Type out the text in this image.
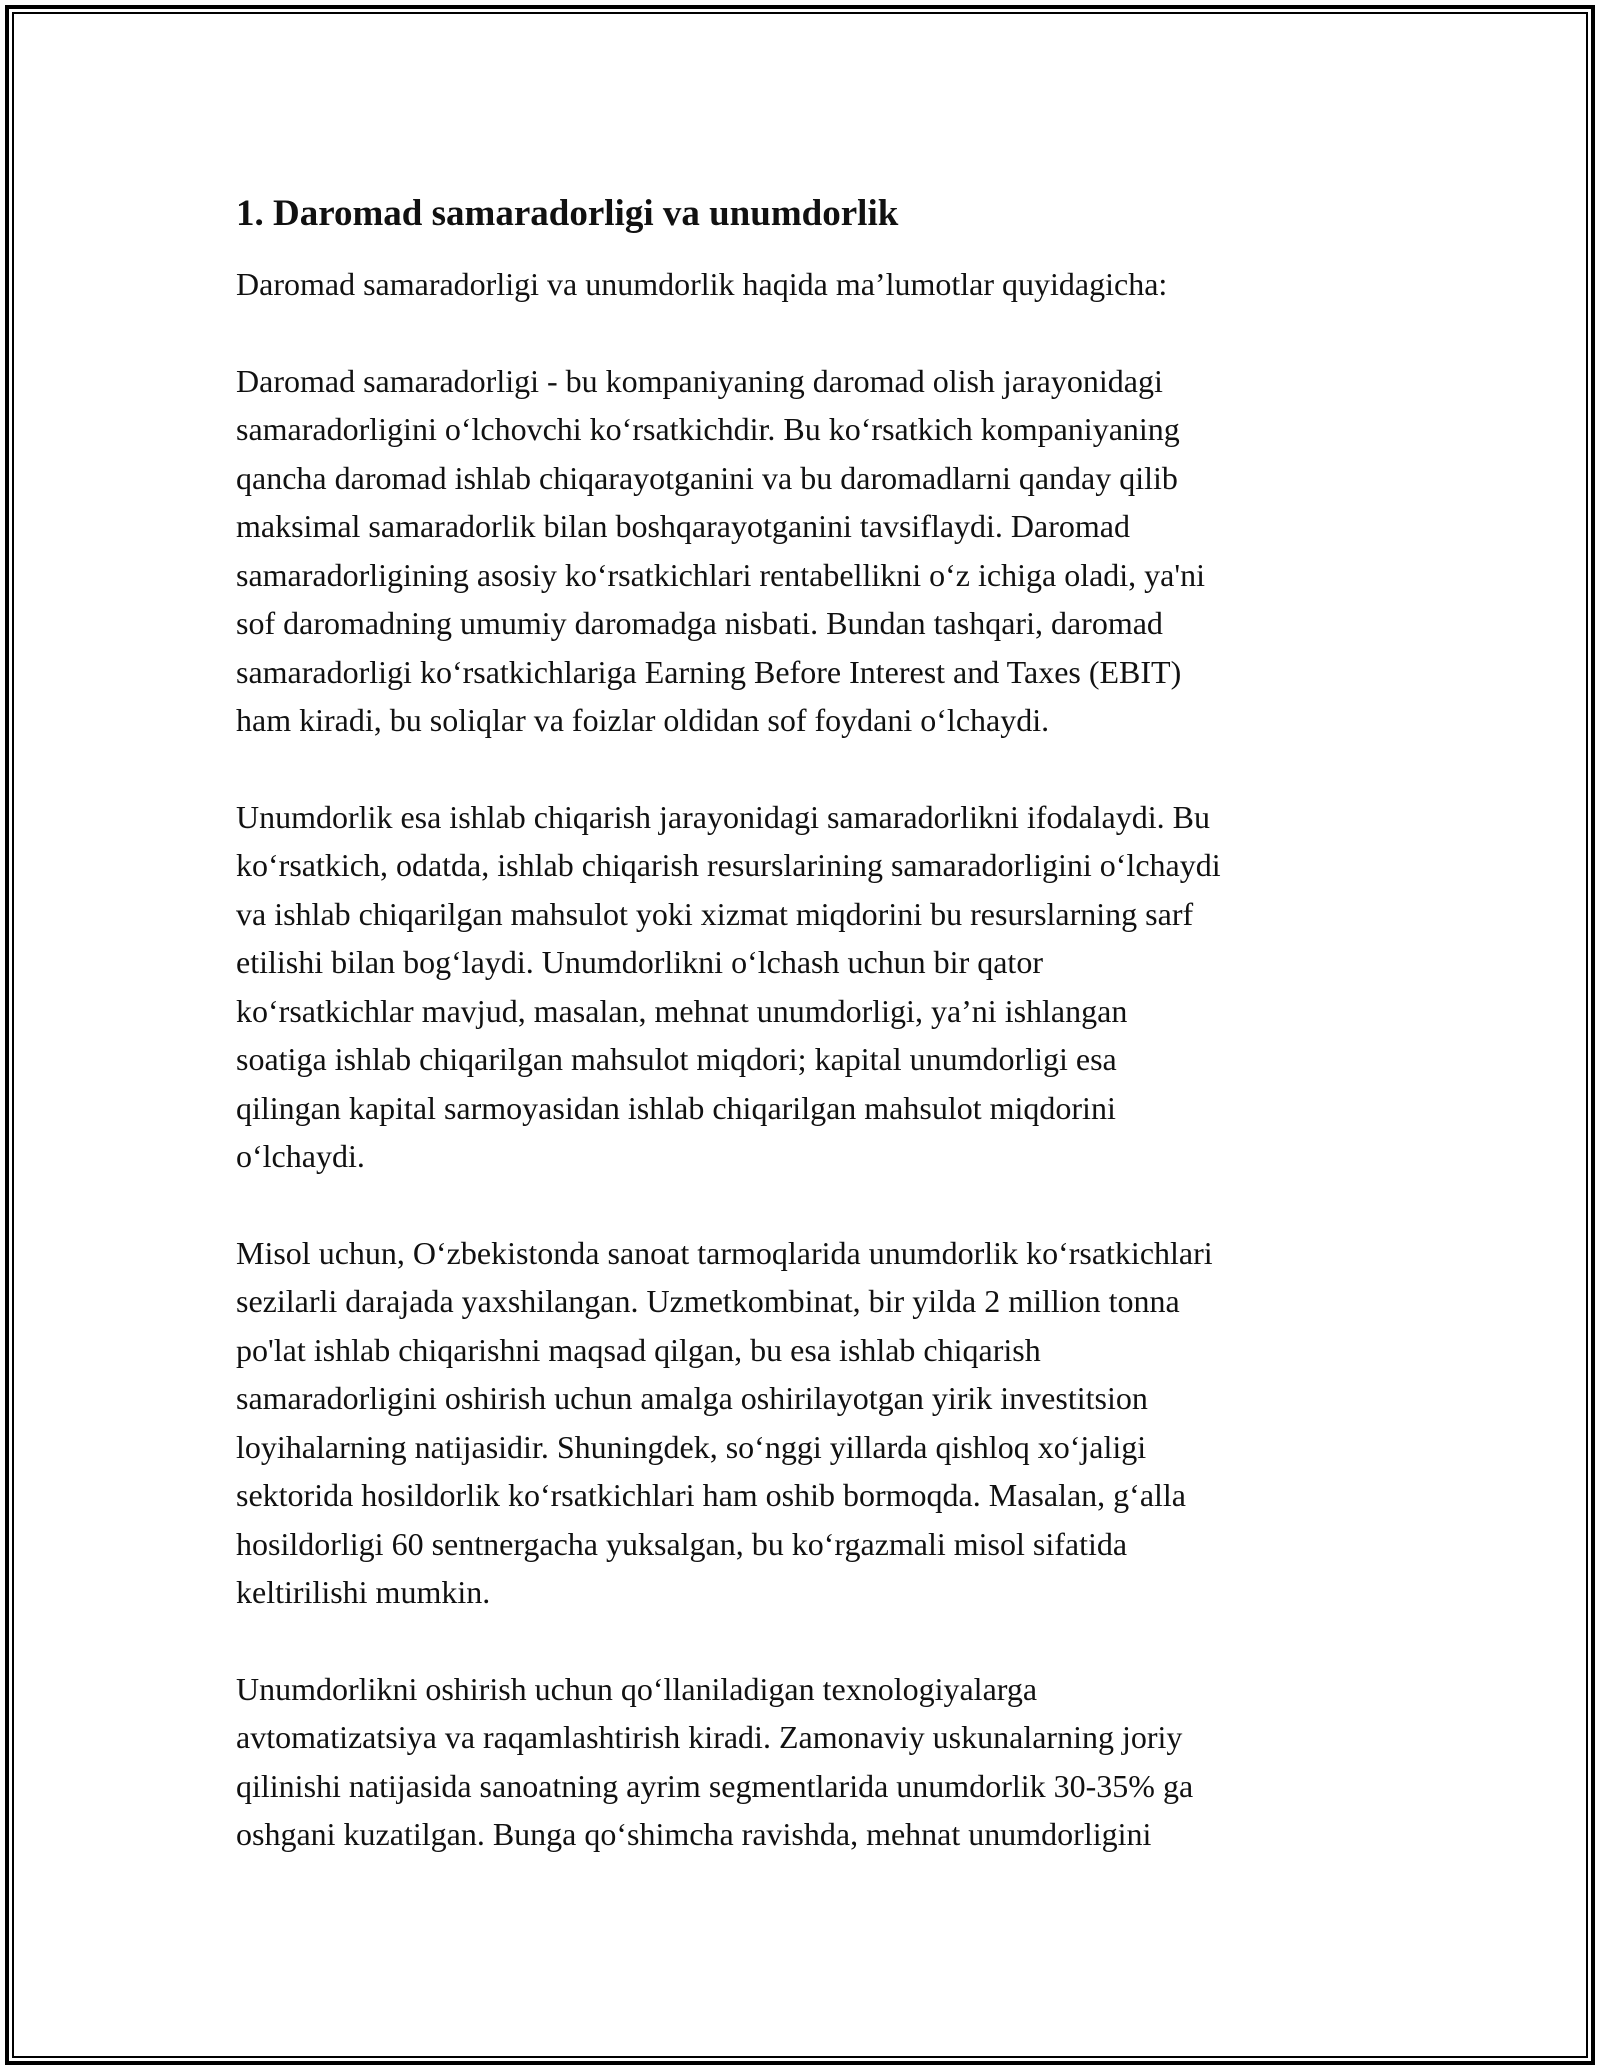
1. Daromad samaradorligi va unumdorlik

Daromad samaradorligi va unumdorlik haqida ma’lumotlar quyidagicha:

Daromad samaradorligi - bu kompaniyaning daromad olish jarayonidagi
samaradorligini o‘lchovchi ko‘rsatkichdir. Bu ko‘rsatkich kompaniyaning
qancha daromad ishlab chiqarayotganini va bu daromadlarni qanday qilib
maksimal samaradorlik bilan boshqarayotganini tavsiflaydi. Daromad
samaradorligining asosiy ko‘rsatkichlari rentabellikni o‘z ichiga oladi, ya'ni
sof daromadning umumiy daromadga nisbati. Bundan tashqari, daromad
samaradorligi ko‘rsatkichlariga Earning Before Interest and Taxes (EBIT)
ham kiradi, bu soliqlar va foizlar oldidan sof foydani o‘lchaydi.

Unumdorlik esa ishlab chiqarish jarayonidagi samaradorlikni ifodalaydi. Bu
ko‘rsatkich, odatda, ishlab chiqarish resurslarining samaradorligini o‘lchaydi
va ishlab chiqarilgan mahsulot yoki xizmat miqdorini bu resurslarning sarf
etilishi bilan bog‘laydi. Unumdorlikni o‘lchash uchun bir qator
ko‘rsatkichlar mavjud, masalan, mehnat unumdorligi, ya’ni ishlangan
soatiga ishlab chiqarilgan mahsulot miqdori; kapital unumdorligi esa
qilingan kapital sarmoyasidan ishlab chiqarilgan mahsulot miqdorini
o‘lchaydi.

Misol uchun, O‘zbekistonda sanoat tarmoqlarida unumdorlik ko‘rsatkichlari
sezilarli darajada yaxshilangan. Uzmetkombinat, bir yilda 2 million tonna
po'lat ishlab chiqarishni maqsad qilgan, bu esa ishlab chiqarish
samaradorligini oshirish uchun amalga oshirilayotgan yirik investitsion
loyihalarning natijasidir. Shuningdek, so‘nggi yillarda qishloq xo‘jaligi
sektorida hosildorlik ko‘rsatkichlari ham oshib bormoqda. Masalan, g‘alla
hosildorligi 60 sentnergacha yuksalgan, bu ko‘rgazmali misol sifatida
keltirilishi mumkin.

Unumdorlikni oshirish uchun qo‘llaniladigan texnologiyalarga
avtomatizatsiya va raqamlashtirish kiradi. Zamonaviy uskunalarning joriy
qilinishi natijasida sanoatning ayrim segmentlarida unumdorlik 30-35% ga
oshgani kuzatilgan. Bunga qo‘shimcha ravishda, mehnat unumdorligini
